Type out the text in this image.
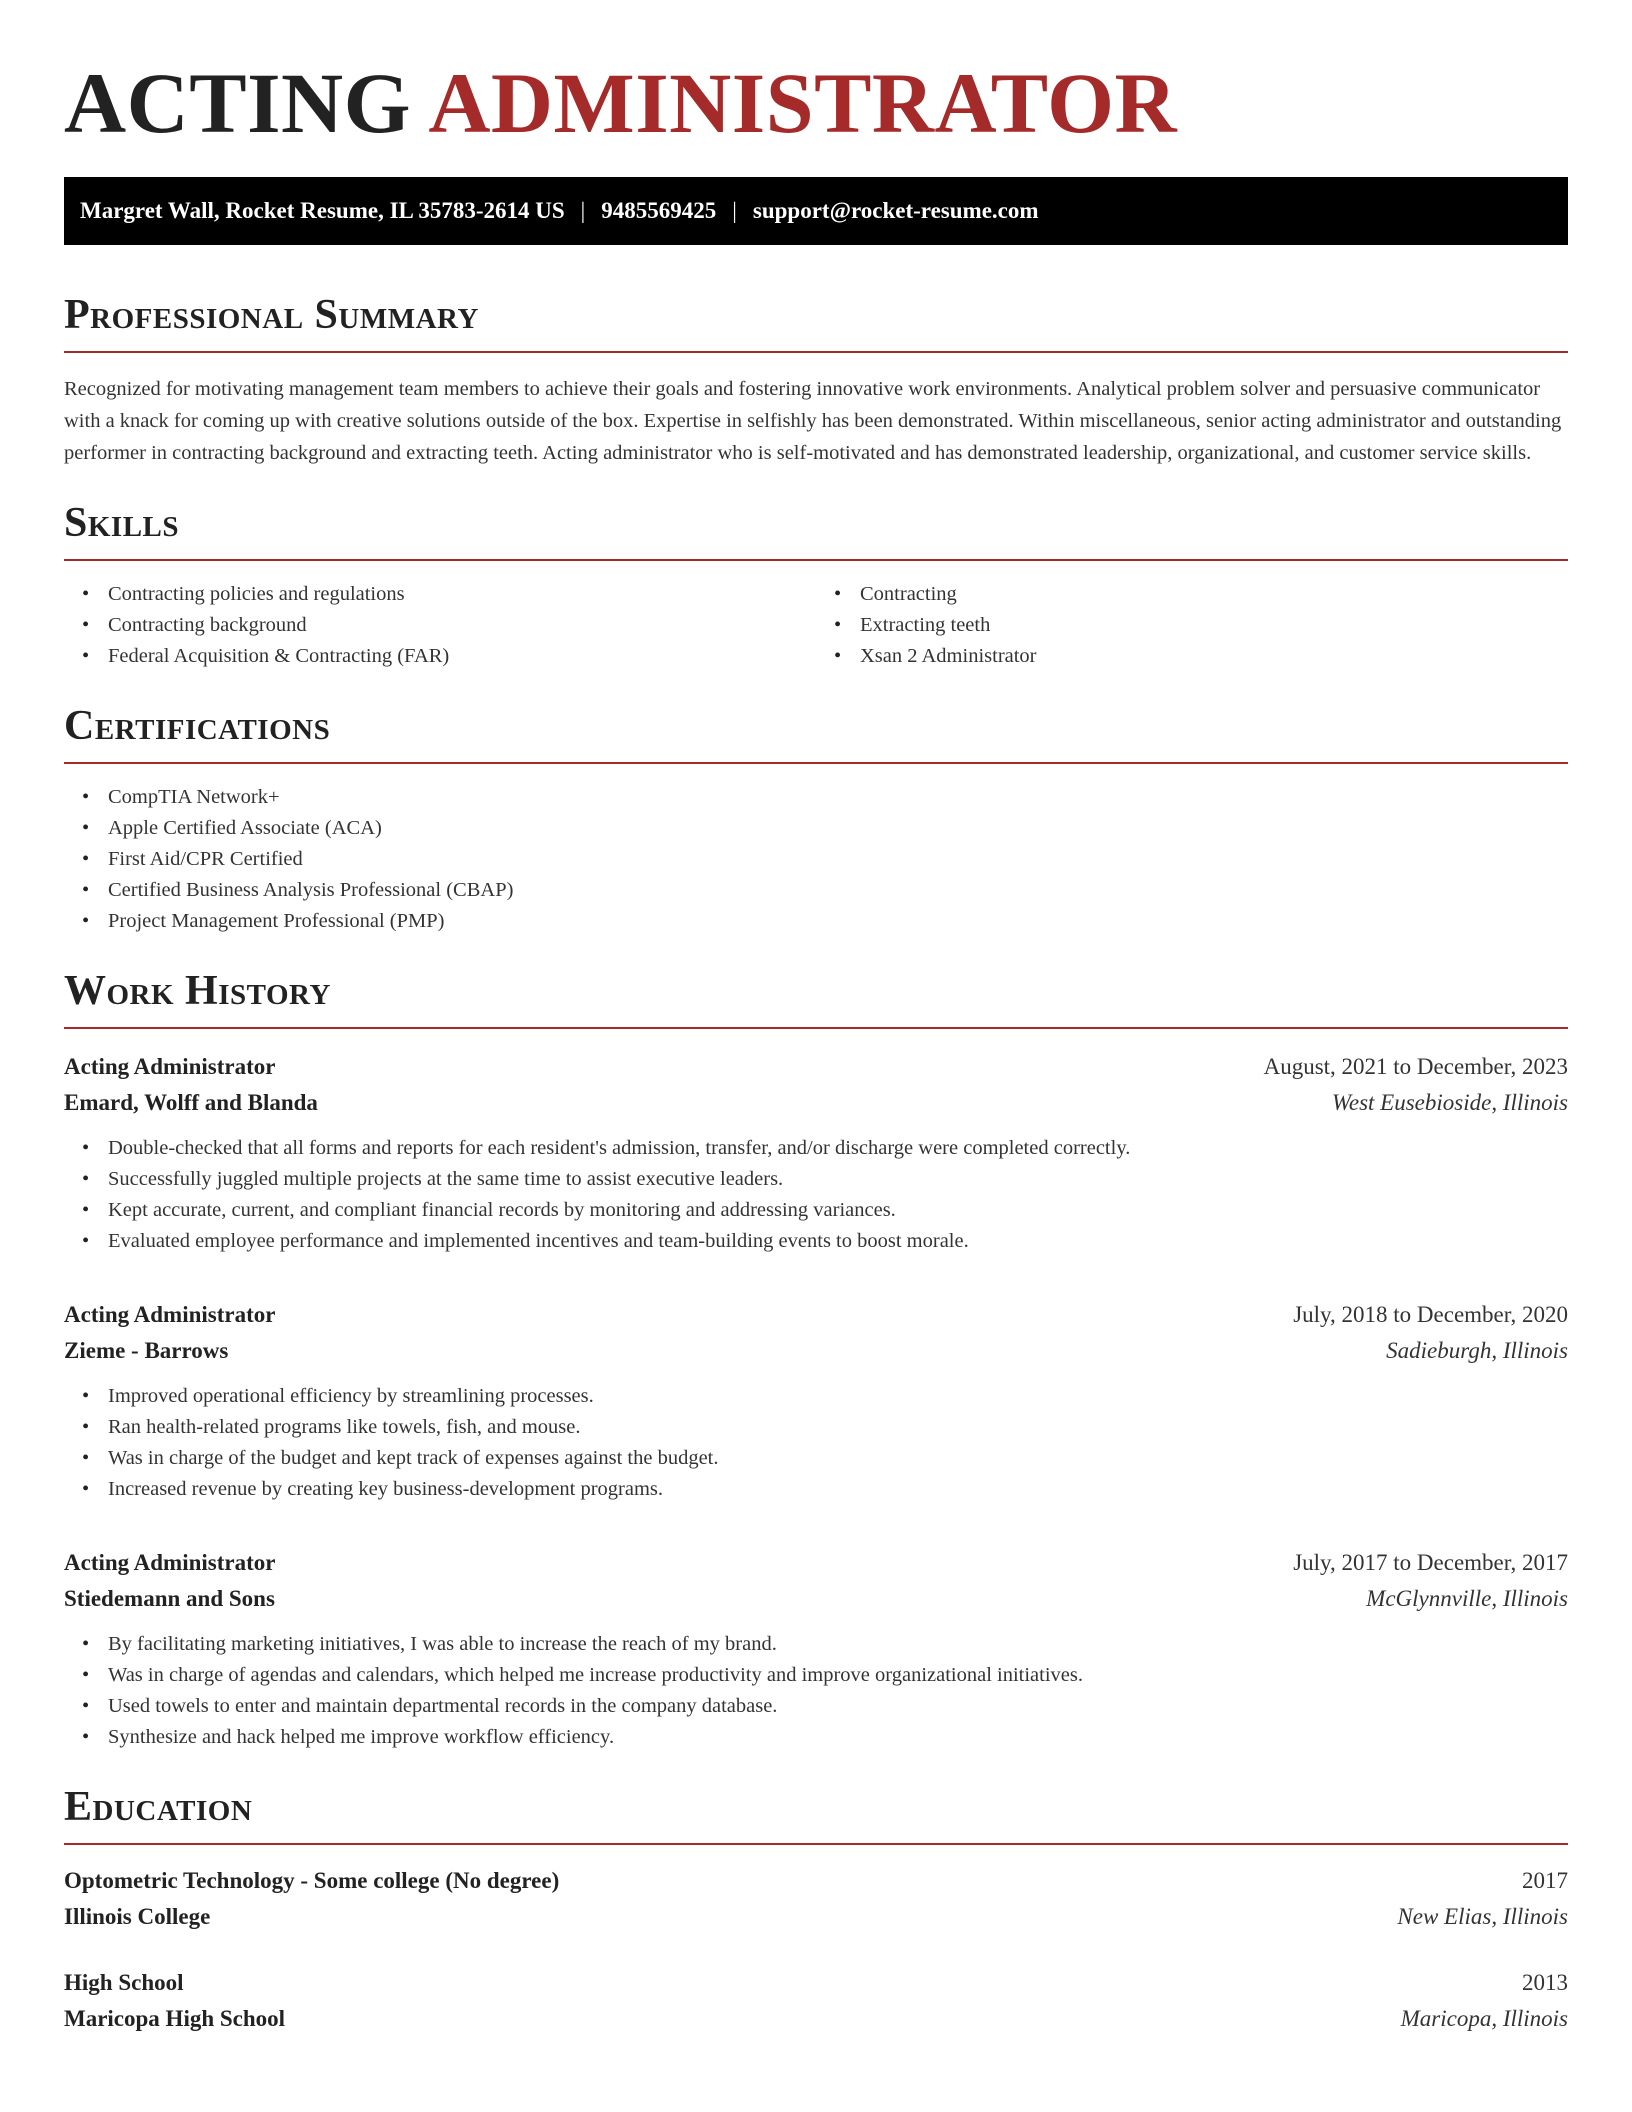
ACTING ADMINISTRATOR
Margret Wall, Rocket Resume, IL 35783-2614 US | 9485569425 | support@rocket-resume.com
Professional Summary

Recognized for motivating management team members to achieve their goals and fostering innovative work environments. Analytical problem solver and persuasive communicator with a knack for coming up with creative solutions outside of the box. Expertise in selfishly has been demonstrated. Within miscellaneous, senior acting administrator and outstanding performer in contracting background and extracting teeth. Acting administrator who is self-motivated and has demonstrated leadership, organizational, and customer service skills.

Skills
• Contracting policies and regulations
• Contracting background
• Federal Acquisition & Contracting (FAR)
• Contracting
• Extracting teeth
• Xsan 2 Administrator
Certifications
• CompTIA Network+
• Apple Certified Associate (ACA)
• First Aid/CPR Certified
• Certified Business Analysis Professional (CBAP)
• Project Management Professional (PMP)
Work History
Acting Administrator	August, 2021 to December, 2023
Emard, Wolff and Blanda	West Eusebioside, Illinois
• Double-checked that all forms and reports for each resident's admission, transfer, and/or discharge were completed correctly.
• Successfully juggled multiple projects at the same time to assist executive leaders.
• Kept accurate, current, and compliant financial records by monitoring and addressing variances.
• Evaluated employee performance and implemented incentives and team-building events to boost morale.
Acting Administrator	July, 2018 to December, 2020
Zieme - Barrows	Sadieburgh, Illinois
• Improved operational efficiency by streamlining processes.
• Ran health-related programs like towels, fish, and mouse.
• Was in charge of the budget and kept track of expenses against the budget.
• Increased revenue by creating key business-development programs.
Acting Administrator	July, 2017 to December, 2017
Stiedemann and Sons	McGlynnville, Illinois
• By facilitating marketing initiatives, I was able to increase the reach of my brand.
• Was in charge of agendas and calendars, which helped me increase productivity and improve organizational initiatives.
• Used towels to enter and maintain departmental records in the company database.
• Synthesize and hack helped me improve workflow efficiency.
Education
Optometric Technology - Some college (No degree)	2017
Illinois College	New Elias, Illinois
High School	2013
Maricopa High School	Maricopa, Illinois
